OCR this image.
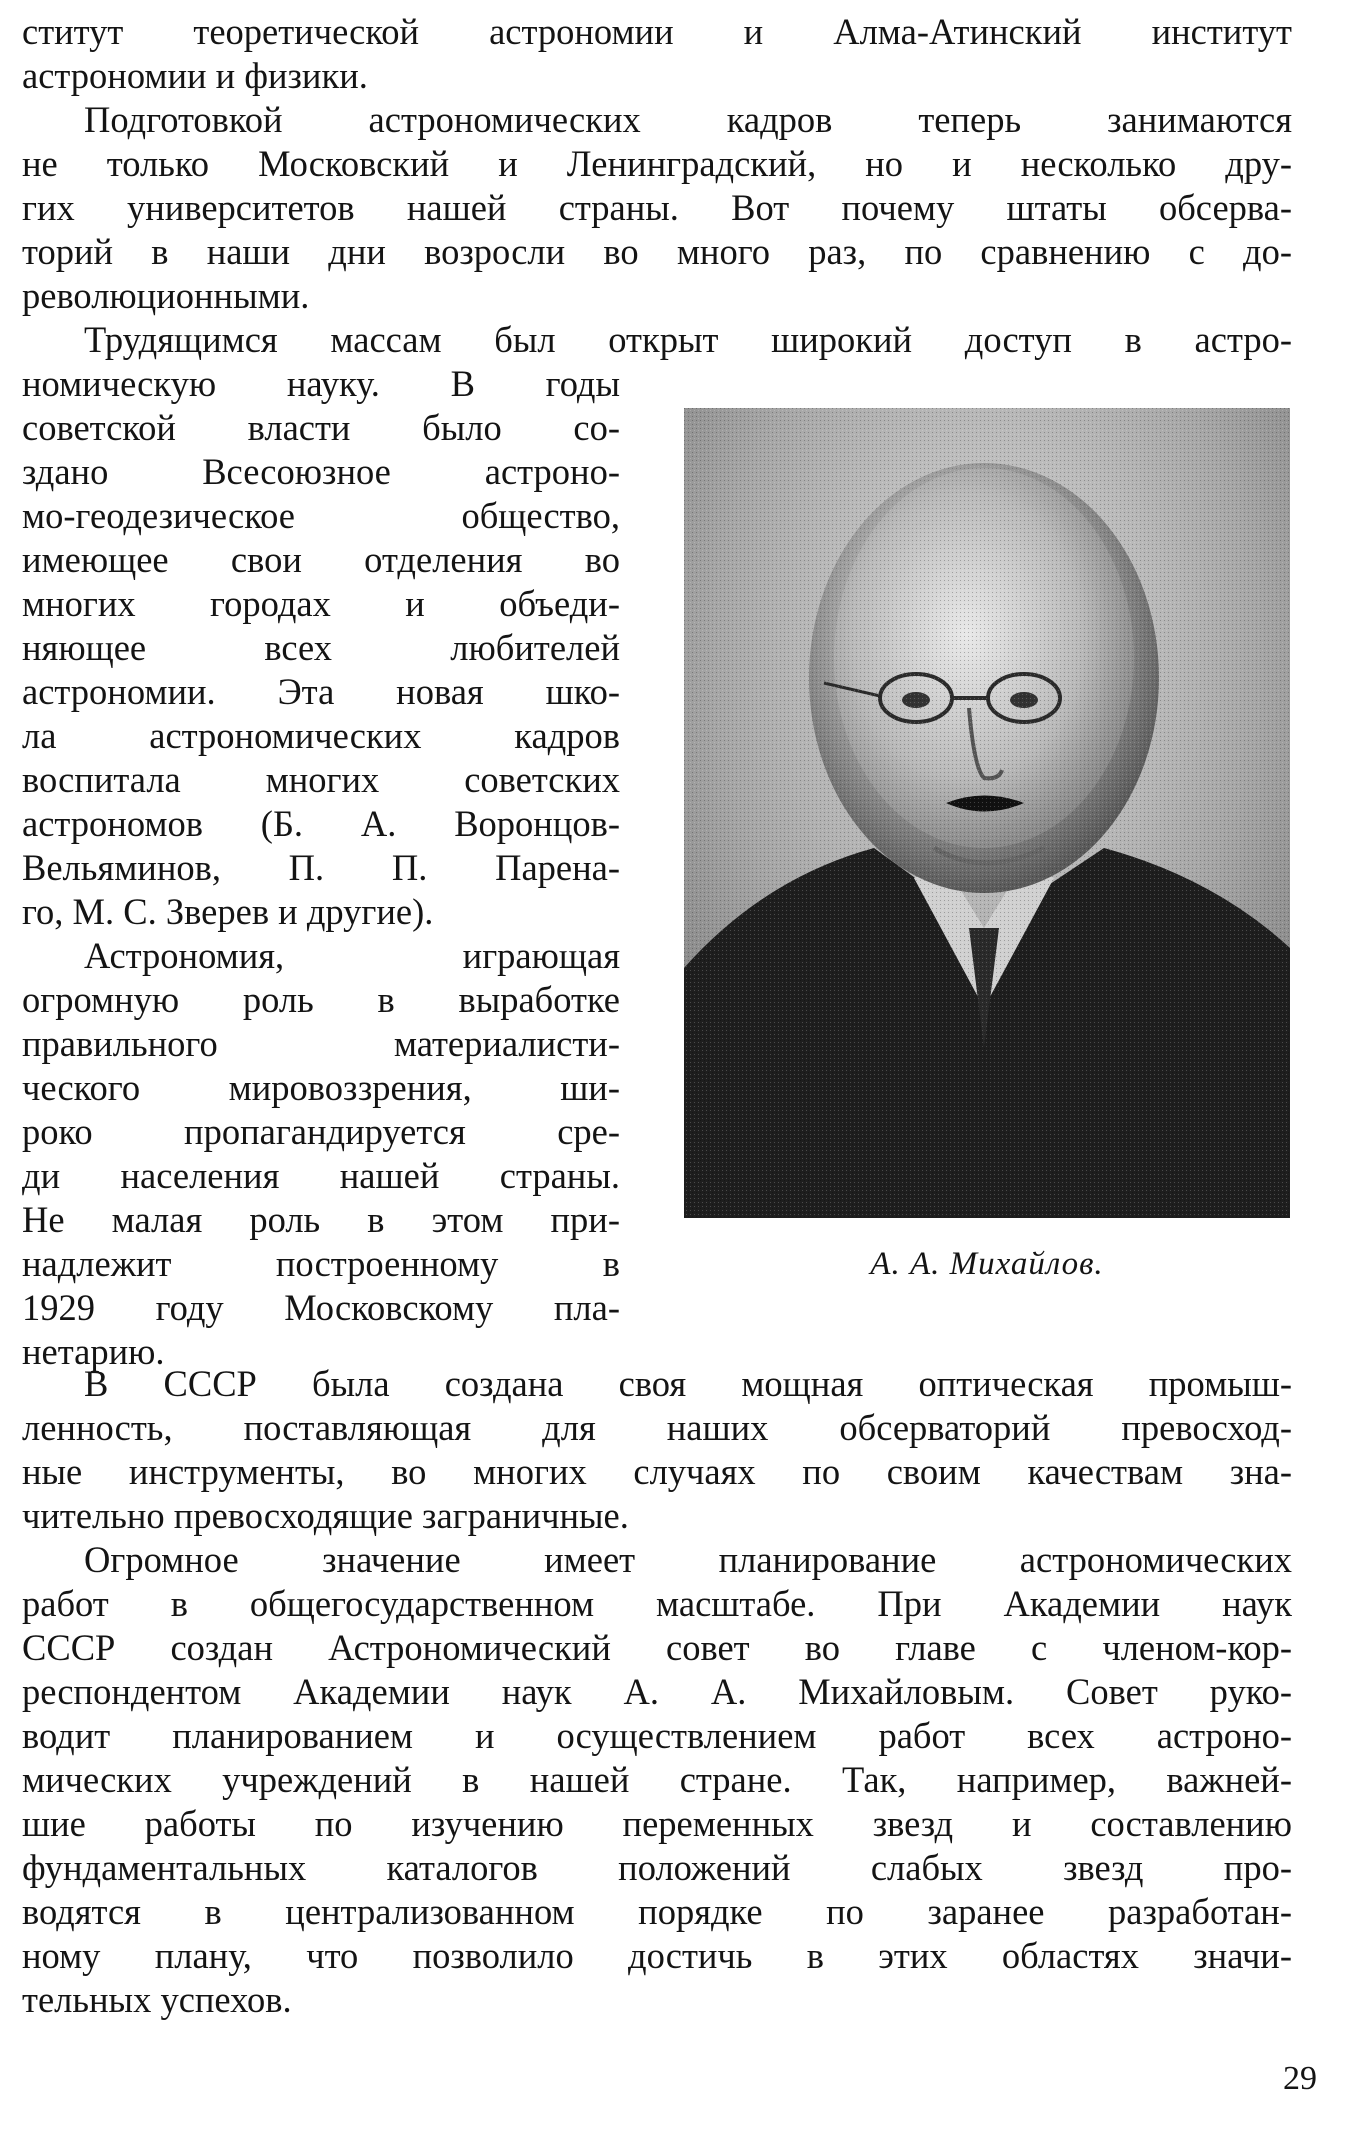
ститут теоретической астрономии и Алма-Атинский институт
астрономии и физики.
Подготовкой астрономических кадров теперь занимаются
не только Московский и Ленинградский, но и несколько дру-
гих университетов нашей страны. Вот почему штаты обсерва-
торий в наши дни возросли во много раз, по сравнению с до-
революционными.
Трудящимся массам был открыт широкий доступ в астро-
номическую науку. В годы
советской власти было со-
здано Всесоюзное астроно-
мо-геодезическое общество,
имеющее свои отделения во
многих городах и объеди-
няющее всех любителей
астрономии. Эта новая шко-
ла астрономических кадров
воспитала многих советских
астрономов (Б. А. Воронцов-
Вельяминов, П. П. Паренa-
го, М. С. Зверев и другие).
Астрономия, играющая
огромную роль в выработке
правильного материалисти-
ческого мировоззрения, ши-
роко пропагандируется сре-
ди населения нашей страны.
Не малая роль в этом при-
надлежит построенному в
1929 году Московскому пла-
нетарию.
А. А. Михайлов.
В СССР была создана своя мощная оптическая промыш-
ленность, поставляющая для наших обсерваторий превосход-
ные инструменты, во многих случаях по своим качествам зна-
чительно превосходящие заграничные.
Огромное значение имеет планирование астрономических
работ в общегосударственном масштабе. При Академии наук
СССР создан Астрономический совет во главе с членом-кор-
респондентом Академии наук А. А. Михайловым. Совет руко-
водит планированием и осуществлением работ всех астроно-
мических учреждений в нашей стране. Так, например, важней-
шие работы по изучению переменных звезд и составлению
фундаментальных каталогов положений слабых звезд про-
водятся в централизованном порядке по заранее разработан-
ному плану, что позволило достичь в этих областях значи-
тельных успехов.
29
